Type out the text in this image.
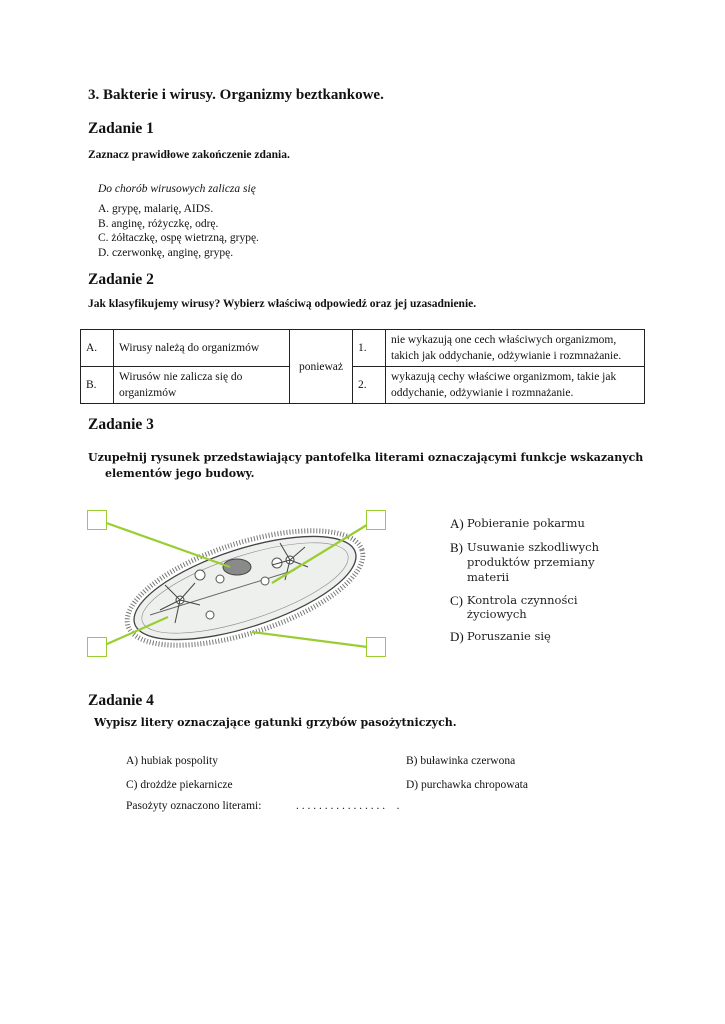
3. Bakterie i wirusy. Organizmy beztkankowe.
Zadanie 1
Zaznacz prawidłowe zakończenie zdania.
Do chorób wirusowych zalicza się
A. grypę, malarię, AIDS.
B. anginę, różyczkę, odrę.
C. żółtaczkę, ospę wietrzną, grypę.
D. czerwonkę, anginę, grypę.
Zadanie 2
Jak klasyfikujemy wirusy? Wybierz właściwą odpowiedź oraz jej uzasadnienie.
A.	Wirusy należą do organizmów	ponieważ	1.	nie wykazują one cech właściwych organizmom, takich jak oddychanie, odżywianie i rozmnażanie.
B.	Wirusów nie zalicza się do organizmów		2.	wykazują cechy właściwe organizmom, takie jak oddychanie, odżywianie i rozmnażanie.
Zadanie 3
Uzupełnij rysunek przedstawiający pantofelka literami oznaczającymi funkcje wskazanych
elementów jego budowy.
A) Pobieranie pokarmu
B) Usuwanie szkodliwych produktów przemiany materii
C) Kontrola czynności życiowych
D) Poruszanie się
Zadanie 4
Wypisz litery oznaczające gatunki grzybów pasożytniczych.
A) hubiak pospolity	B) buławinka czerwona
C) drożdże piekarnicze	D) purchawka chropowata
Pasożyty oznaczono literami:	. . . . . . . . . . . . . . . .    .
